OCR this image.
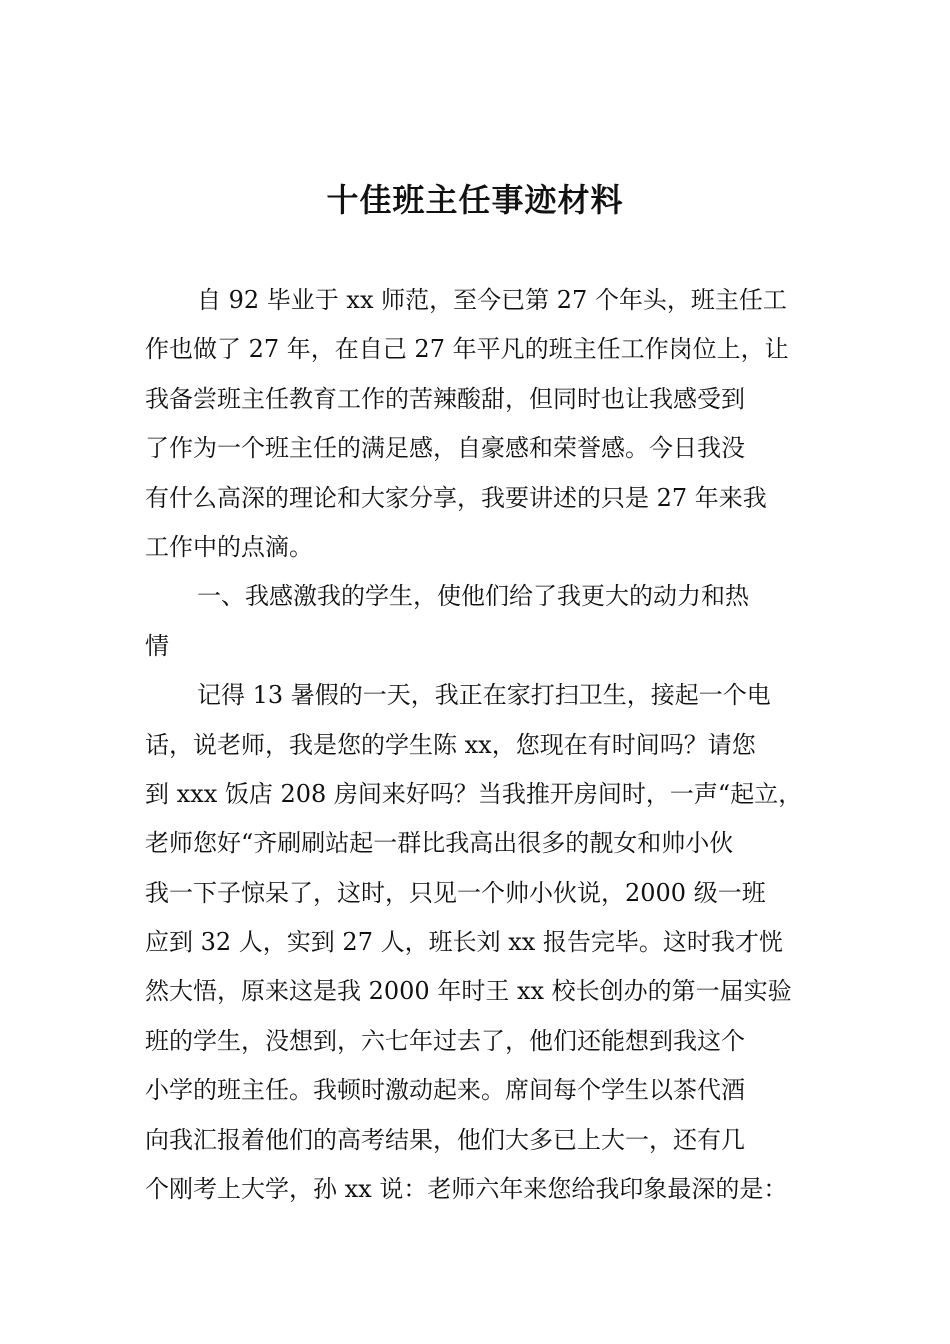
十佳班主任事迹材料
自 92 毕业于 xx 师范，至今已第 27 个年头，班主任工
作也做了 27 年，在自己 27 年平凡的班主任工作岗位上，让
我备尝班主任教育工作的苦辣酸甜，但同时也让我感受到
了作为一个班主任的满足感，自豪感和荣誉感。今日我没
有什么高深的理论和大家分享，我要讲述的只是 27 年来我
工作中的点滴。
一、我感激我的学生，使他们给了我更大的动力和热
情
记得 13 暑假的一天，我正在家打扫卫生，接起一个电
话，说老师，我是您的学生陈 xx，您现在有时间吗？请您
到 xxx 饭店 208 房间来好吗？当我推开房间时，一声“起立，
老师您好“齐刷刷站起一群比我高出很多的靓女和帅小伙
我一下子惊呆了，这时，只见一个帅小伙说，2000 级一班
应到 32 人，实到 27 人，班长刘 xx 报告完毕。这时我才恍
然大悟，原来这是我 2000 年时王 xx 校长创办的第一届实验
班的学生，没想到，六七年过去了，他们还能想到我这个
小学的班主任。我顿时激动起来。席间每个学生以茶代酒
向我汇报着他们的高考结果，他们大多已上大一，还有几
个刚考上大学，孙 xx 说：老师六年来您给我印象最深的是：
